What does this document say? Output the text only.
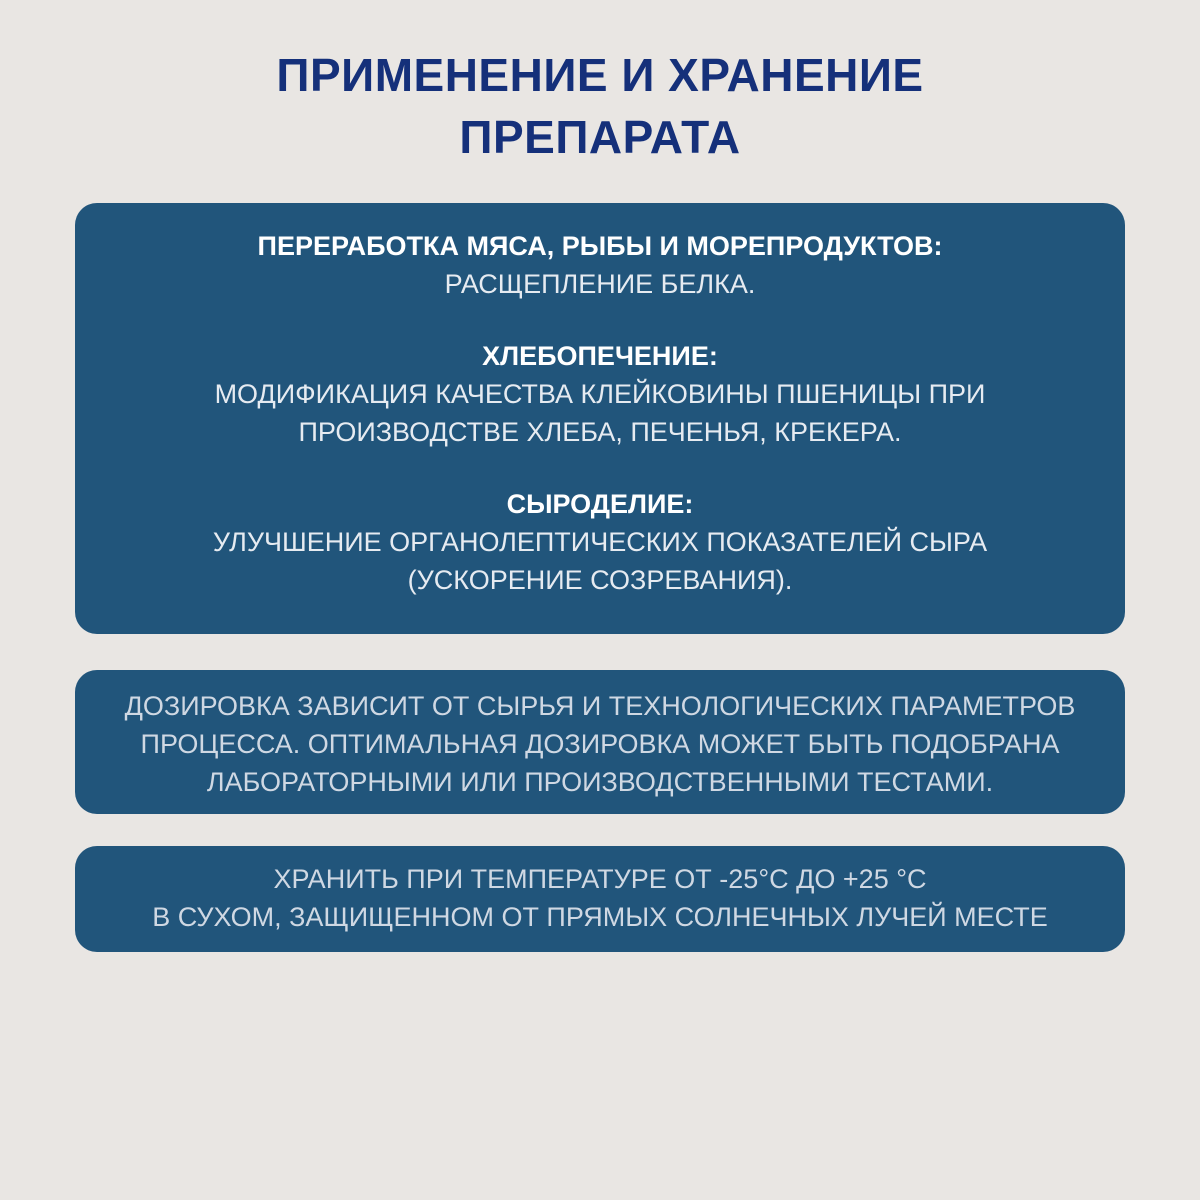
ПРИМЕНЕНИЕ И ХРАНЕНИЕ
ПРЕПАРАТА
ПЕРЕРАБОТКА МЯСА, РЫБЫ И МОРЕПРОДУКТОВ:
РАСЩЕПЛЕНИЕ БЕЛКА.
ХЛЕБОПЕЧЕНИЕ:
МОДИФИКАЦИЯ КАЧЕСТВА КЛЕЙКОВИНЫ ПШЕНИЦЫ ПРИ
ПРОИЗВОДСТВЕ ХЛЕБА, ПЕЧЕНЬЯ, КРЕКЕРА.
СЫРОДЕЛИЕ:
УЛУЧШЕНИЕ ОРГАНОЛЕПТИЧЕСКИХ ПОКАЗАТЕЛЕЙ СЫРА
(УСКОРЕНИЕ СОЗРЕВАНИЯ).
ДОЗИРОВКА ЗАВИСИТ ОТ СЫРЬЯ И ТЕХНОЛОГИЧЕСКИХ ПАРАМЕТРОВ
ПРОЦЕССА. ОПТИМАЛЬНАЯ ДОЗИРОВКА МОЖЕТ БЫТЬ ПОДОБРАНА
ЛАБОРАТОРНЫМИ ИЛИ ПРОИЗВОДСТВЕННЫМИ ТЕСТАМИ.
ХРАНИТЬ ПРИ ТЕМПЕРАТУРЕ ОТ -25°С ДО +25 °С
В СУХОМ, ЗАЩИЩЕННОМ ОТ ПРЯМЫХ СОЛНЕЧНЫХ ЛУЧЕЙ МЕСТЕ
